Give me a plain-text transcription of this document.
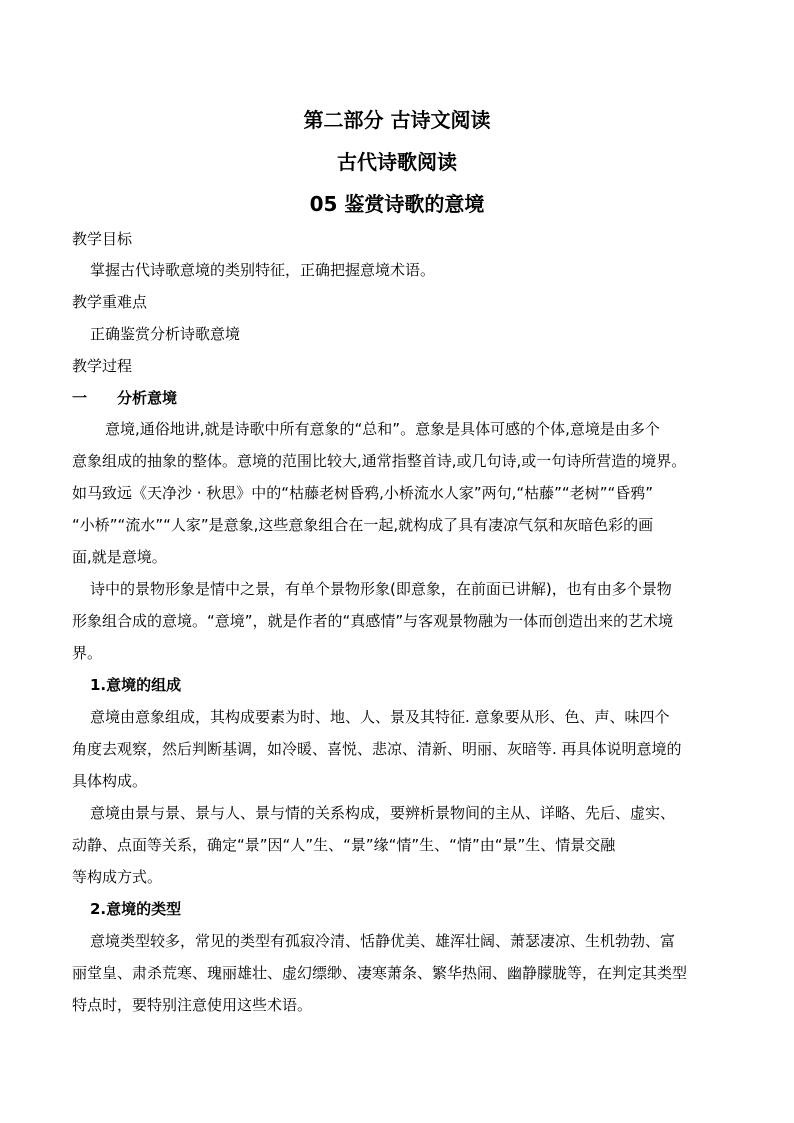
第二部分 古诗文阅读
古代诗歌阅读
05 鉴赏诗歌的意境
教学目标
掌握古代诗歌意境的类别特征，正确把握意境术语。
教学重难点
正确鉴赏分析诗歌意境
教学过程
一 分析意境
意境,通俗地讲,就是诗歌中所有意象的“总和”。意象是具体可感的个体,意境是由多个
意象组成的抽象的整体。意境的范围比较大,通常指整首诗,或几句诗,或一句诗所营造的境界。
如马致远《天净沙 · 秋思》中的“枯藤老树昏鸦,小桥流水人家”两句,“枯藤”“老树”“昏鸦”
“小桥”“流水”“人家”是意象,这些意象组合在一起,就构成了具有凄凉气氛和灰暗色彩的画
面,就是意境。
诗中的景物形象是情中之景，有单个景物形象(即意象，在前面已讲解)，也有由多个景物
形象组合成的意境。“意境”，就是作者的“真感情”与客观景物融为一体而创造出来的艺术境
界。
1.意境的组成
意境由意象组成，其构成要素为时、地、人、景及其特征. 意象要从形、色、声、味四个
角度去观察，然后判断基调，如冷暖、喜悦、悲凉、清新、明丽、灰暗等. 再具体说明意境的
具体构成。
意境由景与景、景与人、景与情的关系构成，要辨析景物间的主从、详略、先后、虚实、
动静、点面等关系，确定“景”因“人”生、“景”缘“情”生、“情”由“景”生、情景交融
等构成方式。
2.意境的类型
意境类型较多，常见的类型有孤寂冷清、恬静优美、雄浑壮阔、萧瑟凄凉、生机勃勃、富
丽堂皇、肃杀荒寒、瑰丽雄壮、虚幻缥缈、凄寒萧条、繁华热闹、幽静朦胧等，在判定其类型
特点时，要特别注意使用这些术语。
